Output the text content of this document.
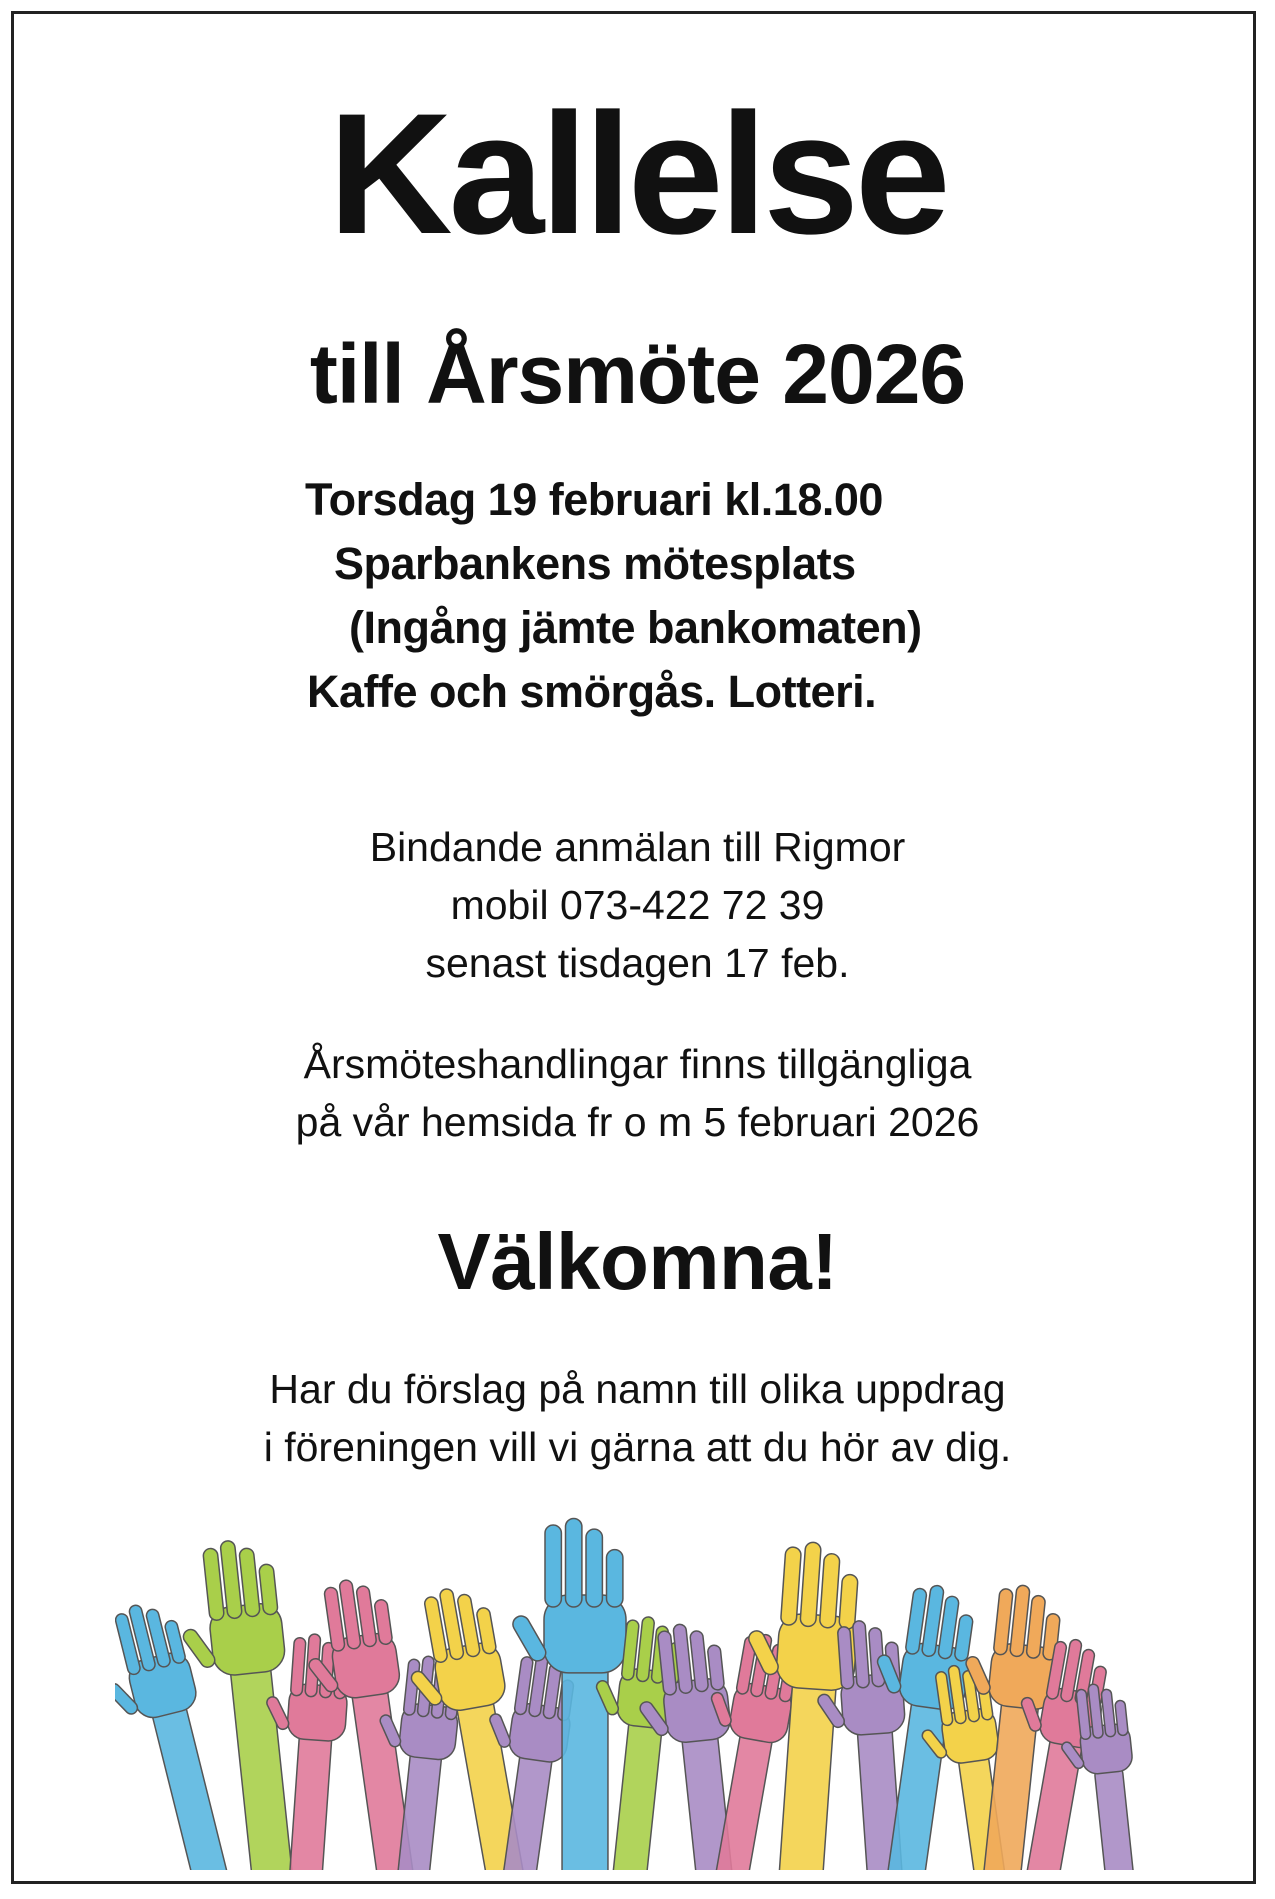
Kallelse
till Årsmöte 2026
Torsdag 19 februari kl.18.00
Sparbankens mötesplats
(Ingång jämte bankomaten)
Kaffe och smörgås. Lotteri.
Bindande anmälan till Rigmor
mobil 073-422 72 39
senast tisdagen 17 feb.
Årsmöteshandlingar finns tillgängliga
på vår hemsida fr o m 5 februari 2026
Välkomna!
Har du förslag på namn till olika uppdrag
i föreningen vill vi gärna att du hör av dig.
